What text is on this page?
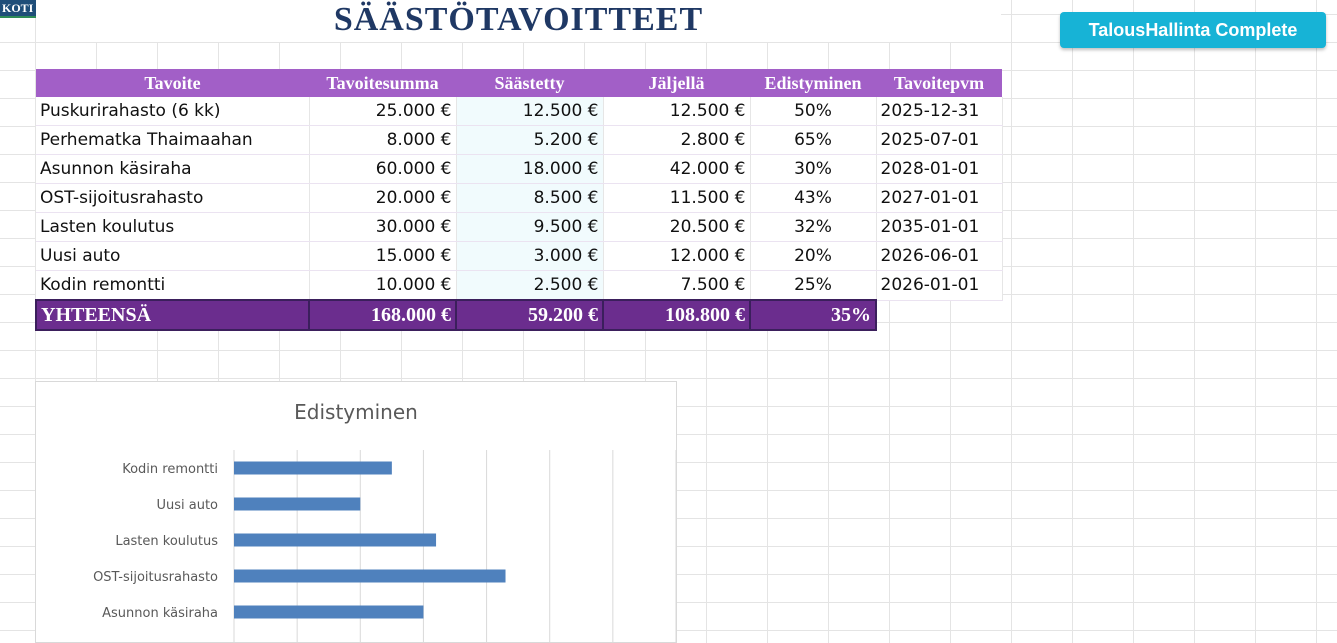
KOTI	SÄÄSTÖTAVOITTEET	TalousHallinta Complete
Tavoite	Tavoitesumma	Säästetty	Jäljellä	Edistyminen	Tavoitepvm
Puskurirahasto (6 kk)	25.000 €	12.500 €	12.500 €	50%	2025-12-31
Perhematka Thaimaahan	8.000 €	5.200 €	2.800 €	65%	2025-07-01
Asunnon käsiraha	60.000 €	18.000 €	42.000 €	30%	2028-01-01
OST-sijoitusrahasto	20.000 €	8.500 €	11.500 €	43%	2027-01-01
Lasten koulutus	30.000 €	9.500 €	20.500 €	32%	2035-01-01
Uusi auto	15.000 €	3.000 €	12.000 €	20%	2026-06-01
Kodin remontti	10.000 €	2.500 €	7.500 €	25%	2026-01-01
YHTEENSÄ	168.000 €	59.200 €	108.800 €	35%	
Edistyminen
Kodin remontti
Uusi auto
Lasten koulutus
OST-sijoitusrahasto
Asunnon käsiraha
